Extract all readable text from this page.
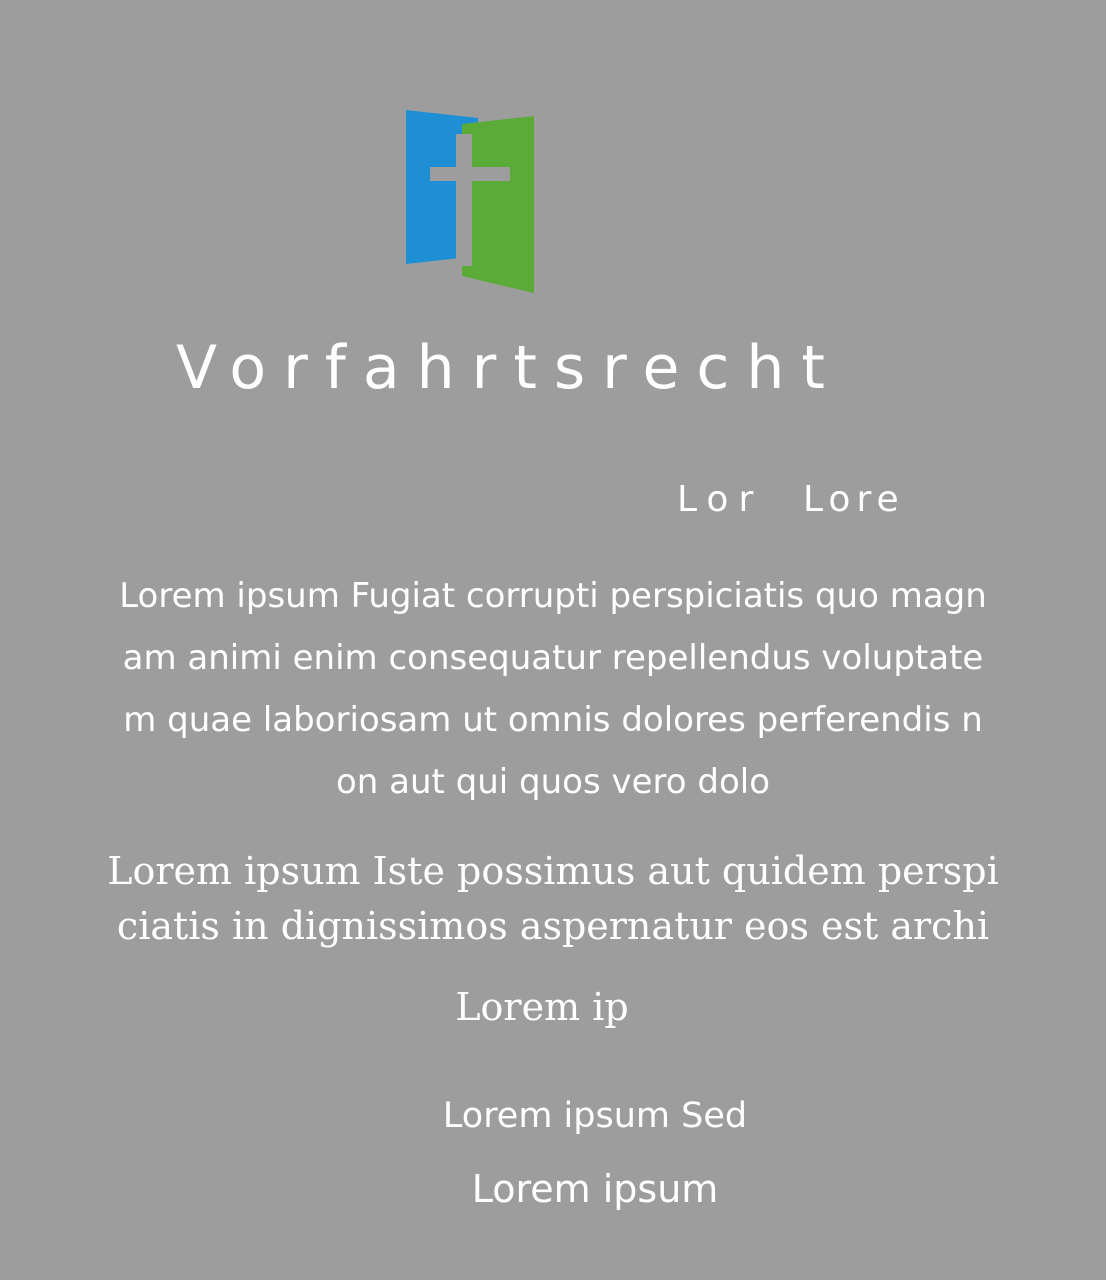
Vorfahrtsrecht
Lor Lore

Lorem ipsum Fugiat corrupti perspiciatis quo magn
am animi enim consequatur repellendus voluptate
m quae laboriosam ut omnis dolores perferendis n
on aut qui quos vero dolo

Lorem ipsum Iste possimus aut quidem perspi
ciatis in dignissimos aspernatur eos est archi

Lorem ip

Lorem ipsum Sed

Lorem ipsum
